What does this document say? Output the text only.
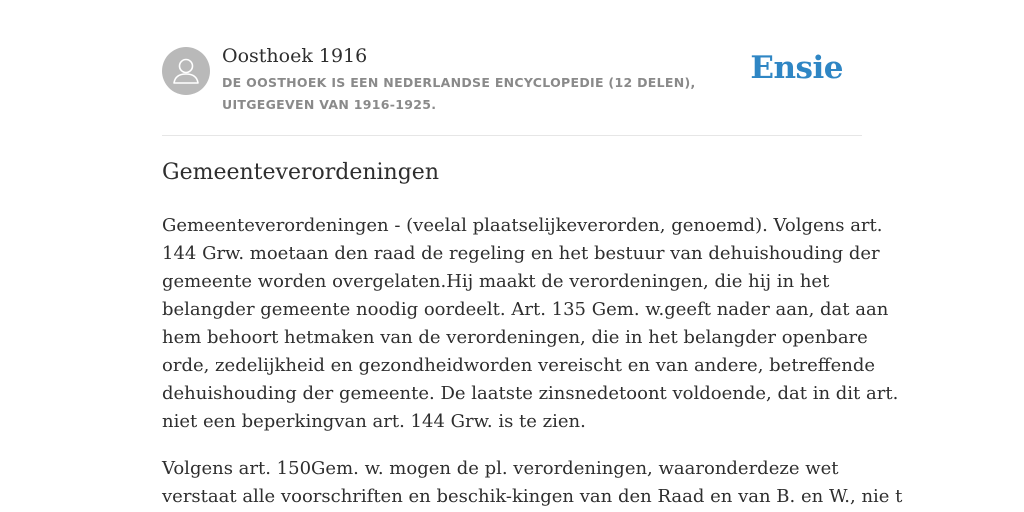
Oosthoek 1916
DE OOSTHOEK IS EEN NEDERLANDSE ENCYCLOPEDIE (12 DELEN), UITGEGEVEN VAN 1916-1925.
Ensie
Gemeenteverordeningen

Gemeenteverordeningen - (veelal plaatselijkeverorden, genoemd). Volgens art.
144 Grw. moetaan den raad de regeling en het bestuur van dehuishouding der
gemeente worden overgelaten.Hij maakt de verordeningen, die hij in het
belangder gemeente noodig oordeelt. Art. 135 Gem. w.geeft nader aan, dat aan
hem behoort hetmaken van de verordeningen, die in het belangder openbare
orde, zedelijkheid en gezondheidworden vereischt en van andere, betreffende
dehuishouding der gemeente. De laatste zinsnedetoont voldoende, dat in dit art.
niet een beperkingvan art. 144 Grw. is te zien.

Volgens art. 150Gem. w. mogen de pl. verordeningen, waaronderdeze wet
verstaat alle voorschriften en beschik-kingen van den Raad en van B. en W., nie t
